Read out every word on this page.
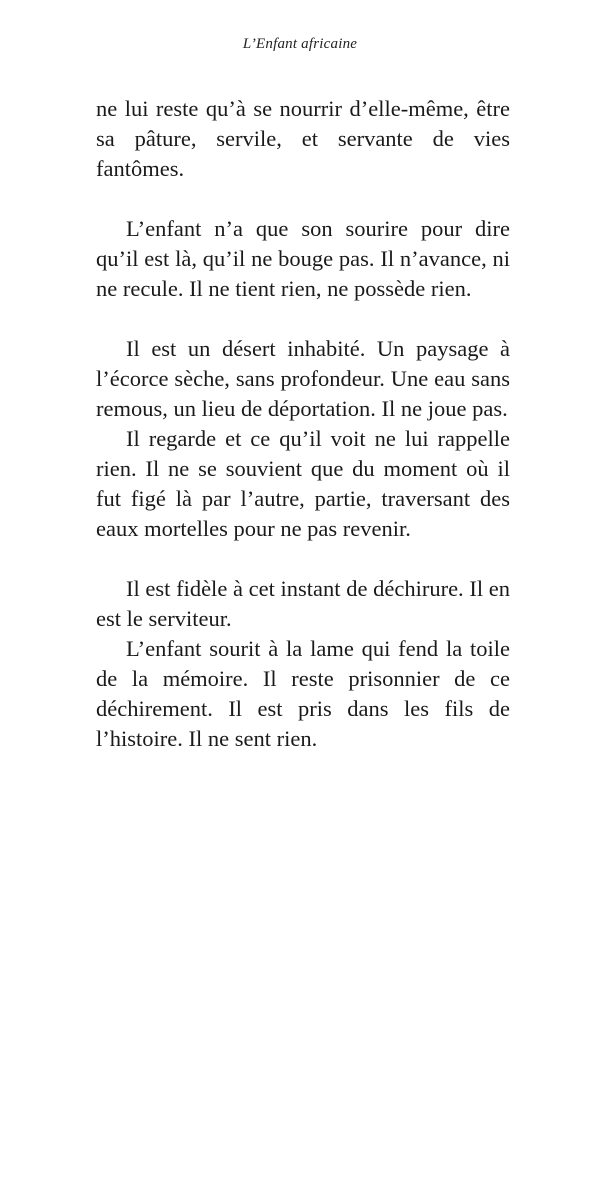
L’Enfant africaine

ne lui reste qu’à se nourrir d’elle-même, être sa pâture, servile, et servante de vies fantômes.

L’enfant n’a que son sourire pour dire qu’il est là, qu’il ne bouge pas. Il n’avance, ni ne recule. Il ne tient rien, ne possède rien.

Il est un désert inhabité. Un paysage à l’écorce sèche, sans profondeur. Une eau sans remous, un lieu de déportation. Il ne joue pas.

Il regarde et ce qu’il voit ne lui rappelle rien. Il ne se souvient que du moment où il fut figé là par l’autre, partie, traversant des eaux mortelles pour ne pas revenir.

Il est fidèle à cet instant de déchirure. Il en est le serviteur.

L’enfant sourit à la lame qui fend la toile de la mémoire. Il reste prisonnier de ce déchirement. Il est pris dans les fils de l’histoire. Il ne sent rien.
